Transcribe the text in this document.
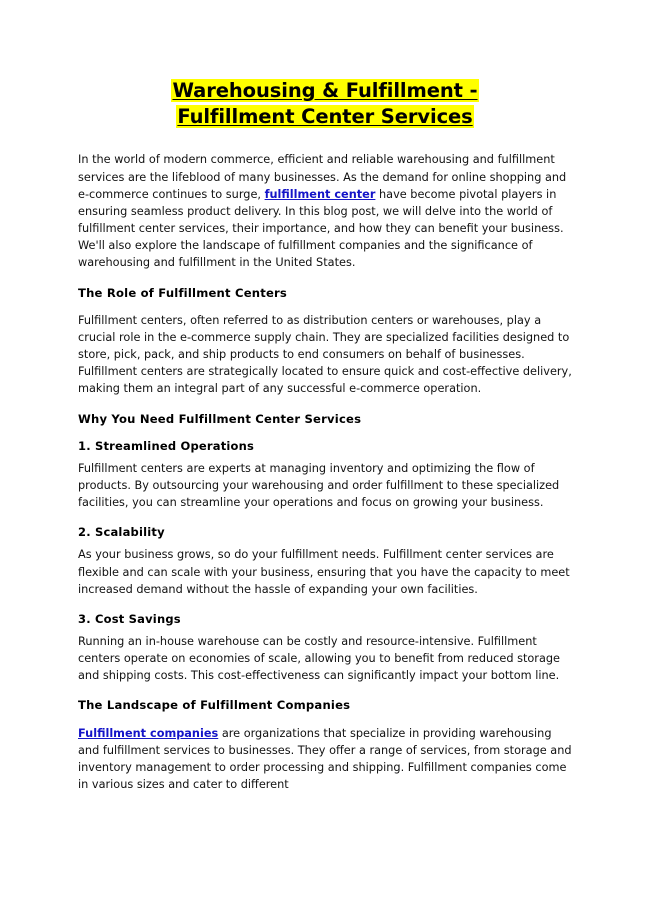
Warehousing & Fulfillment -
Fulfillment Center Services

In the world of modern commerce, efficient and reliable warehousing and fulfillment services are the lifeblood of many businesses. As the demand for online shopping and e-commerce continues to surge, fulfillment center have become pivotal players in ensuring seamless product delivery. In this blog post, we will delve into the world of fulfillment center services, their importance, and how they can benefit your business. We'll also explore the landscape of fulfillment companies and the significance of warehousing and fulfillment in the United States.

The Role of Fulfillment Centers

Fulfillment centers, often referred to as distribution centers or warehouses, play a crucial role in the e-commerce supply chain. They are specialized facilities designed to store, pick, pack, and ship products to end consumers on behalf of businesses. Fulfillment centers are strategically located to ensure quick and cost-effective delivery, making them an integral part of any successful e-commerce operation.

Why You Need Fulfillment Center Services
1. Streamlined Operations

Fulfillment centers are experts at managing inventory and optimizing the flow of products. By outsourcing your warehousing and order fulfillment to these specialized facilities, you can streamline your operations and focus on growing your business.

2. Scalability

As your business grows, so do your fulfillment needs. Fulfillment center services are flexible and can scale with your business, ensuring that you have the capacity to meet increased demand without the hassle of expanding your own facilities.

3. Cost Savings

Running an in-house warehouse can be costly and resource-intensive. Fulfillment centers operate on economies of scale, allowing you to benefit from reduced storage and shipping costs. This cost-effectiveness can significantly impact your bottom line.

The Landscape of Fulfillment Companies

Fulfillment companies are organizations that specialize in providing warehousing and fulfillment services to businesses. They offer a range of services, from storage and inventory management to order processing and shipping. Fulfillment companies come in various sizes and cater to different
